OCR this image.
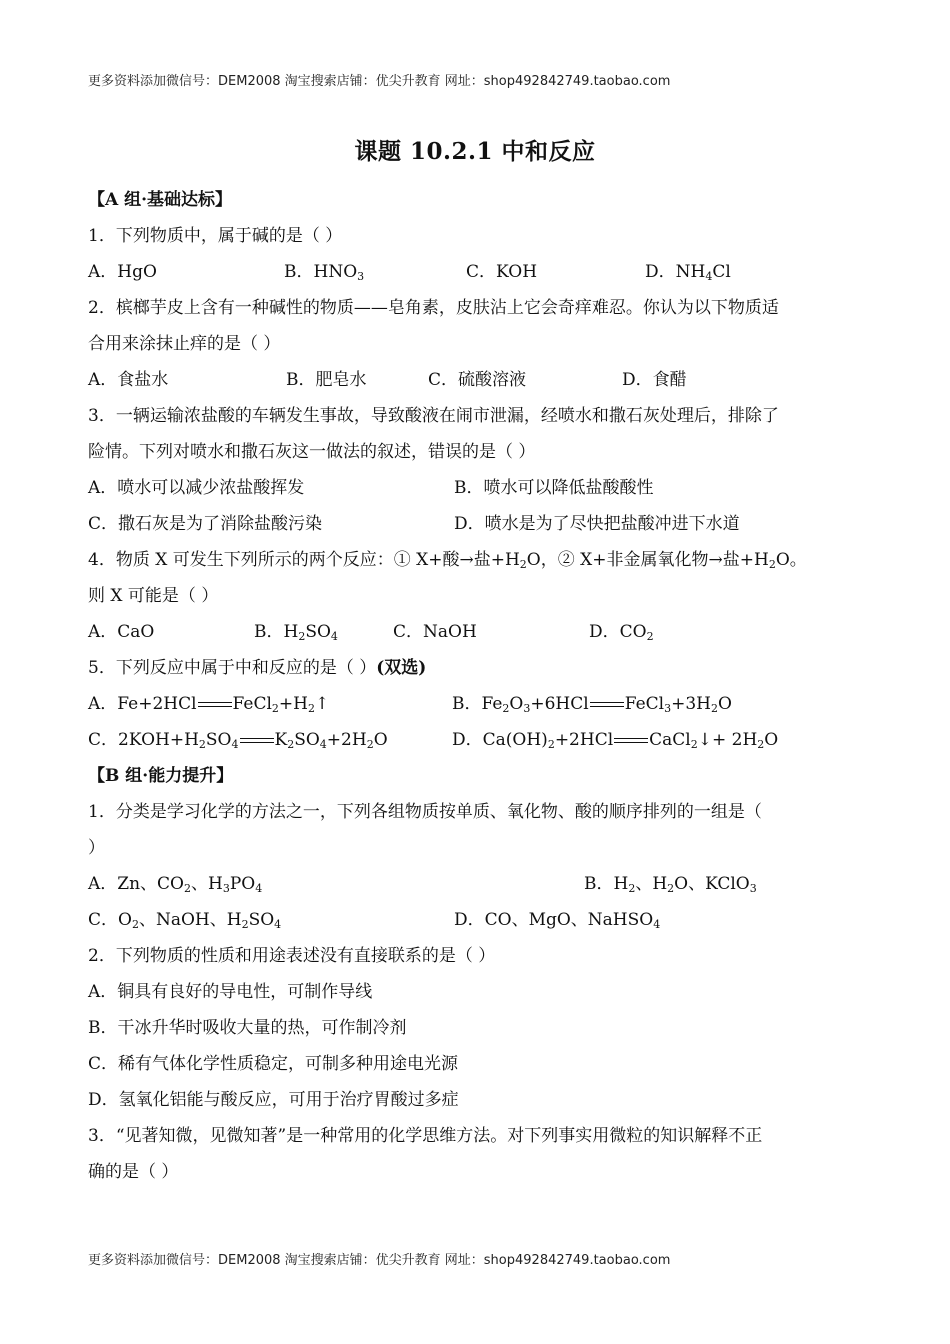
更多资料添加微信号：DEM2008 淘宝搜索店铺：优尖升教育 网址：shop492842749.taobao.com
课题 10.2.1 中和反应
【A 组·基础达标】
1．下列物质中，属于碱的是（ ）
A．HgO	B．$HNO_3$	C．KOH	D．$NH_4Cl$
2．槟榔芋皮上含有一种碱性的物质——皂角素，皮肤沾上它会奇痒难忍。你认为以下物质适
合用来涂抹止痒的是（ ）
A．食盐水	B．肥皂水	C．硫酸溶液	D．食醋
3．一辆运输浓盐酸的车辆发生事故，导致酸液在闹市泄漏，经喷水和撒石灰处理后，排除了
险情。下列对喷水和撒石灰这一做法的叙述，错误的是（ ）
A．喷水可以减少浓盐酸挥发	B．喷水可以降低盐酸酸性
C．撒石灰是为了消除盐酸污染	D．喷水是为了尽快把盐酸冲进下水道
4．物质 X 可发生下列所示的两个反应：① X+酸→盐$+H_2O$，② X+非金属氧化物→盐$+H_2O$。
则 X 可能是（ ）
A．CaO	B．$H_2SO_4$	C．NaOH	D．$CO_2$
5．下列反应中属于中和反应的是（ ）(双选)
A．Fe+2HCl $FeCl_2+H_2↑$	B．$Fe_2O_3+6HCl$ $FeCl_3+3H_2O$
C．$2KOH+H_2SO_4$ $K_2SO_4+2H_2O$	D．$Ca(OH)_2+2HCl$ CaCl$_2$↓+ $2H_2O$
【B 组·能力提升】
1．分类是学习化学的方法之一，下列各组物质按单质、氧化物、酸的顺序排列的一组是（
）
A．Zn、$CO_2$、$H_3PO_4$	B．$H_2$、$H_2O$、KClO$_3$
C．$O_2$、NaOH、$H_2SO_4$	D．CO、MgO、NaHSO$_4$
2．下列物质的性质和用途表述没有直接联系的是（ ）
A．铜具有良好的导电性，可制作导线
B．干冰升华时吸收大量的热，可作制冷剂
C．稀有气体化学性质稳定，可制多种用途电光源
D．氢氧化铝能与酸反应，可用于治疗胃酸过多症
3．“见著知微，见微知著”是一种常用的化学思维方法。对下列事实用微粒的知识解释不正
确的是（ ）
更多资料添加微信号：DEM2008 淘宝搜索店铺：优尖升教育 网址：shop492842749.taobao.com
